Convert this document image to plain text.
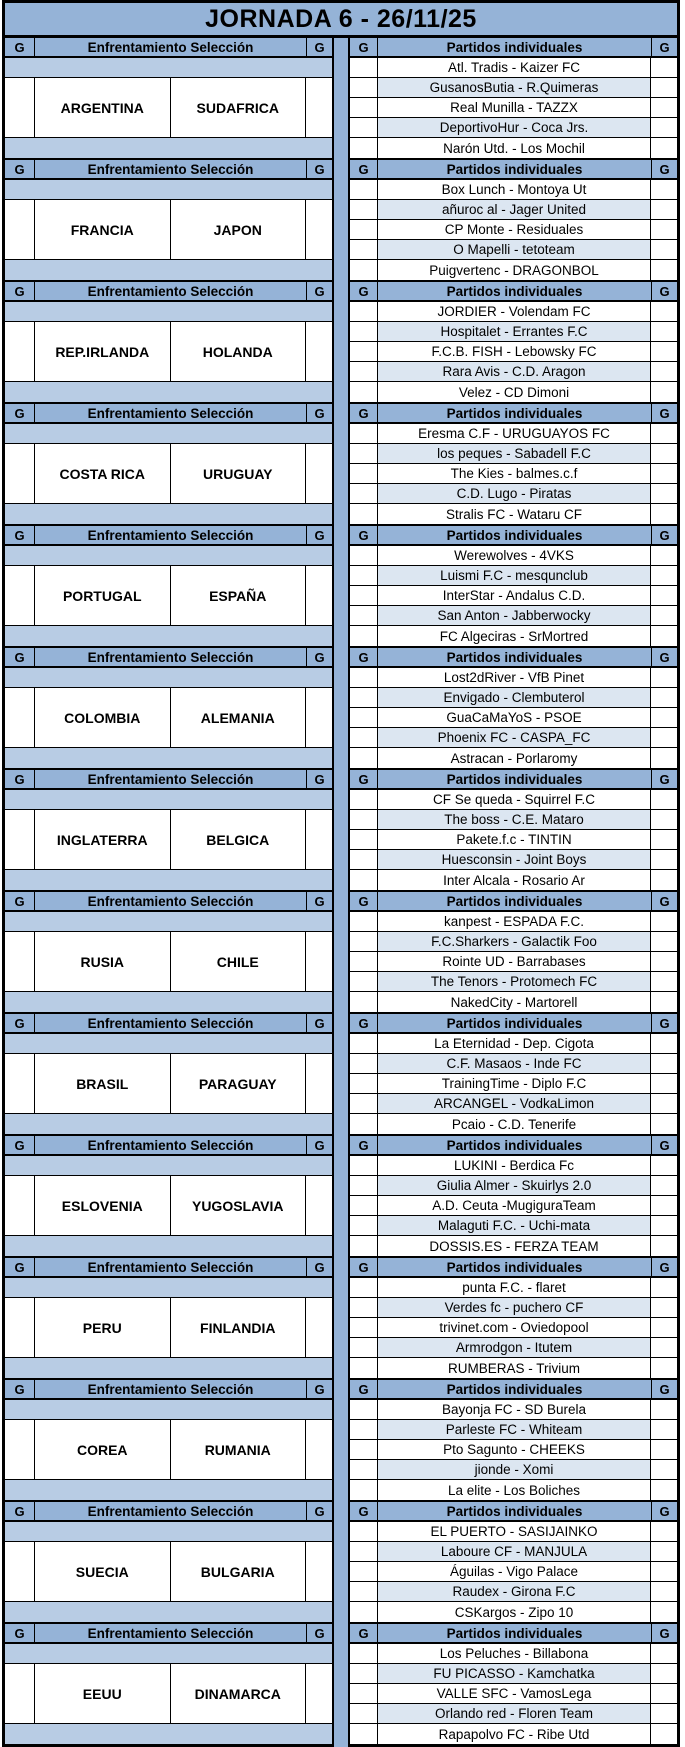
JORNADA 6 - 26/11/25
G	Enfrentamiento Selección	G
ARGENTINA	SUDAFRICA
G	Partidos individuales	G
Atl. Tradis - Kaizer FC
GusanosButia - R.Quimeras
Real Munilla - TAZZX
DeportivoHur - Coca Jrs.
Narón Utd. - Los Mochil
G	Enfrentamiento Selección	G
FRANCIA	JAPON
G	Partidos individuales	G
Box Lunch - Montoya Ut
añuroc al - Jager United
CP Monte - Residuales
O Mapelli - tetoteam
Puigvertenc - DRAGONBOL
G	Enfrentamiento Selección	G
REP.IRLANDA	HOLANDA
G	Partidos individuales	G
JORDIER - Volendam FC
Hospitalet - Errantes F.C
F.C.B. FISH - Lebowsky FC
Rara Avis - C.D. Aragon
Velez - CD Dimoni
G	Enfrentamiento Selección	G
COSTA RICA	URUGUAY
G	Partidos individuales	G
Eresma C.F - URUGUAYOS FC
los peques - Sabadell F.C
The Kies - balmes.c.f
C.D. Lugo - Piratas
Stralis FC - Wataru CF
G	Enfrentamiento Selección	G
PORTUGAL	ESPAÑA
G	Partidos individuales	G
Werewolves - 4VKS
Luismi F.C - mesqunclub
InterStar - Andalus C.D.
San Anton - Jabberwocky
FC Algeciras - SrMortred
G	Enfrentamiento Selección	G
COLOMBIA	ALEMANIA
G	Partidos individuales	G
Lost2dRiver - VfB Pinet
Envigado - Clembuterol
GuaCaMaYoS - PSOE
Phoenix FC - CASPA_FC
Astracan - Porlaromy
G	Enfrentamiento Selección	G
INGLATERRA	BELGICA
G	Partidos individuales	G
CF Se queda - Squirrel F.C
The boss - C.E. Mataro
Pakete.f.c - TINTIN
Huesconsin - Joint Boys
Inter Alcala - Rosario Ar
G	Enfrentamiento Selección	G
RUSIA	CHILE
G	Partidos individuales	G
kanpest - ESPADA F.C.
F.C.Sharkers - Galactik Foo
Rointe UD - Barrabases
The Tenors - Protomech FC
NakedCity - Martorell
G	Enfrentamiento Selección	G
BRASIL	PARAGUAY
G	Partidos individuales	G
La Eternidad - Dep. Cigota
C.F. Masaos - Inde FC
TrainingTime - Diplo F.C
ARCANGEL - VodkaLimon
Pcaio - C.D. Tenerife
G	Enfrentamiento Selección	G
ESLOVENIA	YUGOSLAVIA
G	Partidos individuales	G
LUKINI - Berdica Fc
Giulia Almer - Skuirlys 2.0
A.D. Ceuta -MugiguraTeam
Malaguti F.C. - Uchi-mata
DOSSIS.ES - FERZA TEAM
G	Enfrentamiento Selección	G
PERU	FINLANDIA
G	Partidos individuales	G
punta F.C. - flaret
Verdes fc - puchero CF
trivinet.com - Oviedopool
Armrodgon - Itutem
RUMBERAS - Trivium
G	Enfrentamiento Selección	G
COREA	RUMANIA
G	Partidos individuales	G
Bayonja FC - SD Burela
Parleste FC - Whiteam
Pto Sagunto - CHEEKS
jionde - Xomi
La elite - Los Boliches
G	Enfrentamiento Selección	G
SUECIA	BULGARIA
G	Partidos individuales	G
EL PUERTO - SASIJAINKO
Laboure CF - MANJULA
Águilas - Vigo Palace
Raudex - Girona F.C
CSKargos - Zipo 10
G	Enfrentamiento Selección	G
EEUU	DINAMARCA
G	Partidos individuales	G
Los Peluches - Billabona
FU PICASSO - Kamchatka
VALLE SFC - VamosLega
Orlando red - Floren Team
Rapapolvo FC - Ribe Utd
